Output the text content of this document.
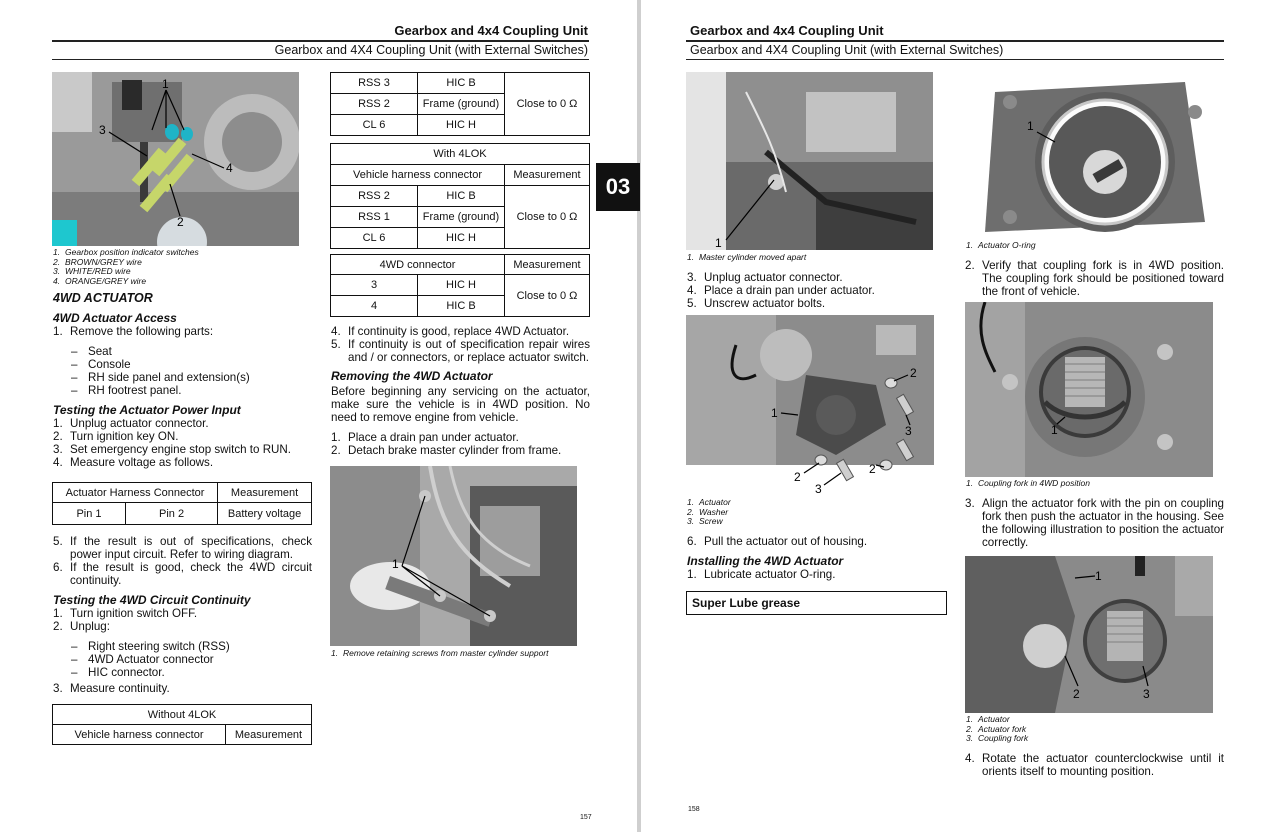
Gearbox and 4x4 Coupling Unit
Gearbox and 4X4 Coupling Unit (with External Switches)
1
3
4
2
1. Gearbox position indicator switches
2. BROWN/GREY wire
3. WHITE/RED wire
4. ORANGE/GREY wire
4WD ACTUATOR
4WD Actuator Access
1. Remove the following parts:
– Seat
– Console
– RH side panel and extension(s)
– RH footrest panel.
Testing the Actuator Power Input
1. Unplug actuator connector.
2. Turn ignition key ON.
3. Set emergency engine stop switch to RUN.
4. Measure voltage as follows.
Actuator Harness Connector		Measurement
Pin 1	Pin 2	Battery voltage
5. If the result is out of specifications, check power input circuit. Refer to wiring diagram.
6. If the result is good, check the 4WD circuit continuity.
Testing the 4WD Circuit Continuity
1. Turn ignition switch OFF.
2. Unplug:
– Right steering switch (RSS)
– 4WD Actuator connector
– HIC connector.
3. Measure continuity.
Without 4LOK
Vehicle harness connector	Measurement
RSS 3	HIC B	Close to 0 Ω
RSS 2	Frame (ground)	
CL 6	HIC H	
With 4LOK		
Vehicle harness connector		Measurement
RSS 2	HIC B	Close to 0 Ω
RSS 1	Frame (ground)	
CL 6	HIC H	
4WD connector		Measurement
3	HIC H	Close to 0 Ω
4	HIC B	
4. If continuity is good, replace 4WD Actuator.
5. If continuity is out of specification repair wires and / or connectors, or replace actuator switch.
Removing the 4WD Actuator
Before beginning any servicing on the actuator, make sure the vehicle is in 4WD position. No need to remove engine from vehicle.
1. Place a drain pan under actuator.
2. Detach brake master cylinder from frame.
1
1. Remove retaining screws from master cylinder support
157
03
Gearbox and 4x4 Coupling Unit
Gearbox and 4X4 Coupling Unit (with External Switches)
1
1. Master cylinder moved apart
3. Unplug actuator connector.
4. Place a drain pan under actuator.
5. Unscrew actuator bolts.
1
2
3
2
3
2
1. Actuator
2. Washer
3. Screw
6. Pull the actuator out of housing.
Installing the 4WD Actuator
1. Lubricate actuator O-ring.
Super Lube grease
1
1. Actuator O-ring
2. Verify that coupling fork is in 4WD position. The coupling fork should be positioned toward the front of vehicle.
1
1. Coupling fork in 4WD position
3. Align the actuator fork with the pin on coupling fork then push the actuator in the housing. See the following illustration to position the actuator correctly.
1
2	3
1. Actuator
2. Actuator fork
3. Coupling fork
4. Rotate the actuator counterclockwise until it orients itself to mounting position.
158
